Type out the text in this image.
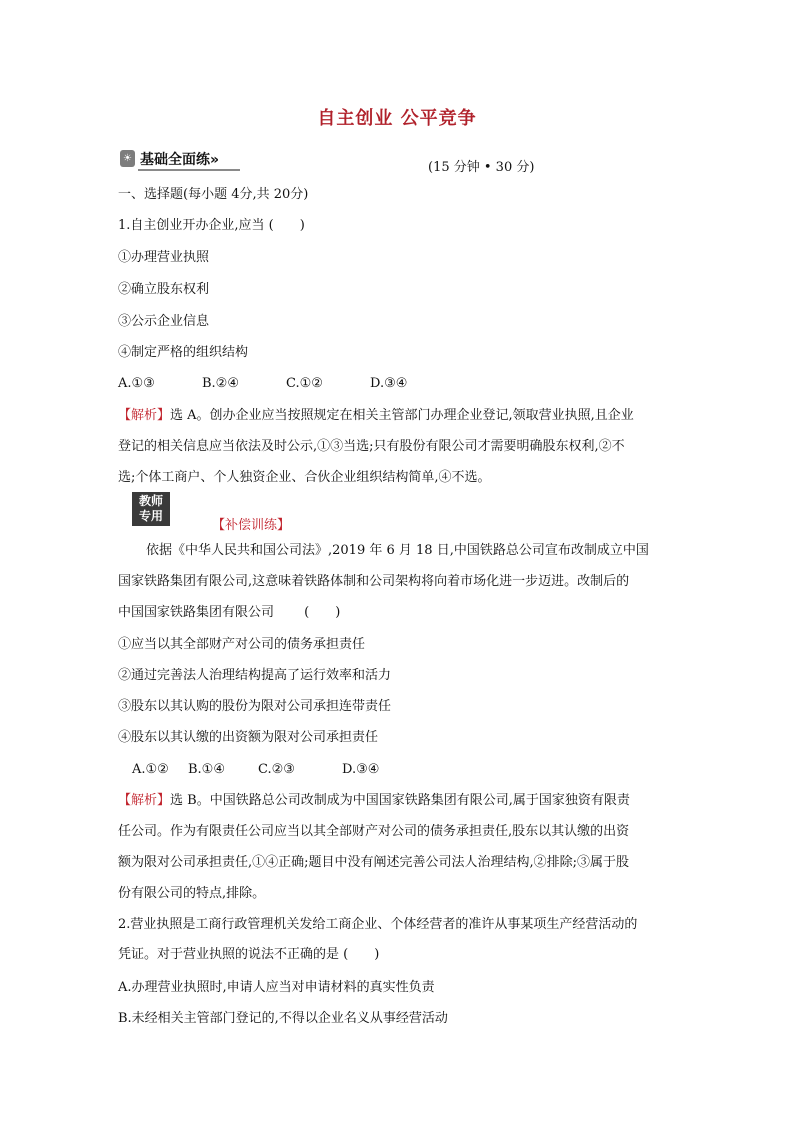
自主创业 公平竞争
☀ 基础全面练»	(15 分钟 • 30 分)
一、选择题(每小题 4分,共 20分)
1.自主创业开办企业,应当 (　　)
①办理营业执照
②确立股东权利
③公示企业信息
④制定严格的组织结构
A.①③	B.②④	C.①②	D.③④
【解析】选 A。创办企业应当按照规定在相关主管部门办理企业登记,领取营业执照,且企业
登记的相关信息应当依法及时公示,①③当选;只有股份有限公司才需要明确股东权利,②不
选;个体工商户、个人独资企业、合伙企业组织结构简单,④不选。
教师
专用
【补偿训练】
依据《中华人民共和国公司法》,2019 年 6 月 18 日,中国铁路总公司宣布改制成立中国
国家铁路集团有限公司,这意味着铁路体制和公司架构将向着市场化进一步迈进。改制后的
中国国家铁路集团有限公司　　 (　　)
①应当以其全部财产对公司的债务承担责任
②通过完善法人治理结构提高了运行效率和活力
③股东以其认购的股份为限对公司承担连带责任
④股东以其认缴的出资额为限对公司承担责任
A.①② B.①④	C.②③	D.③④
【解析】选 B。中国铁路总公司改制成为中国国家铁路集团有限公司,属于国家独资有限责
任公司。作为有限责任公司应当以其全部财产对公司的债务承担责任,股东以其认缴的出资
额为限对公司承担责任,①④正确;题目中没有阐述完善公司法人治理结构,②排除;③属于股
份有限公司的特点,排除。
2.营业执照是工商行政管理机关发给工商企业、个体经营者的准许从事某项生产经营活动的
凭证。对于营业执照的说法不正确的是 (　　)
A.办理营业执照时,申请人应当对申请材料的真实性负责
B.未经相关主管部门登记的,不得以企业名义从事经营活动
